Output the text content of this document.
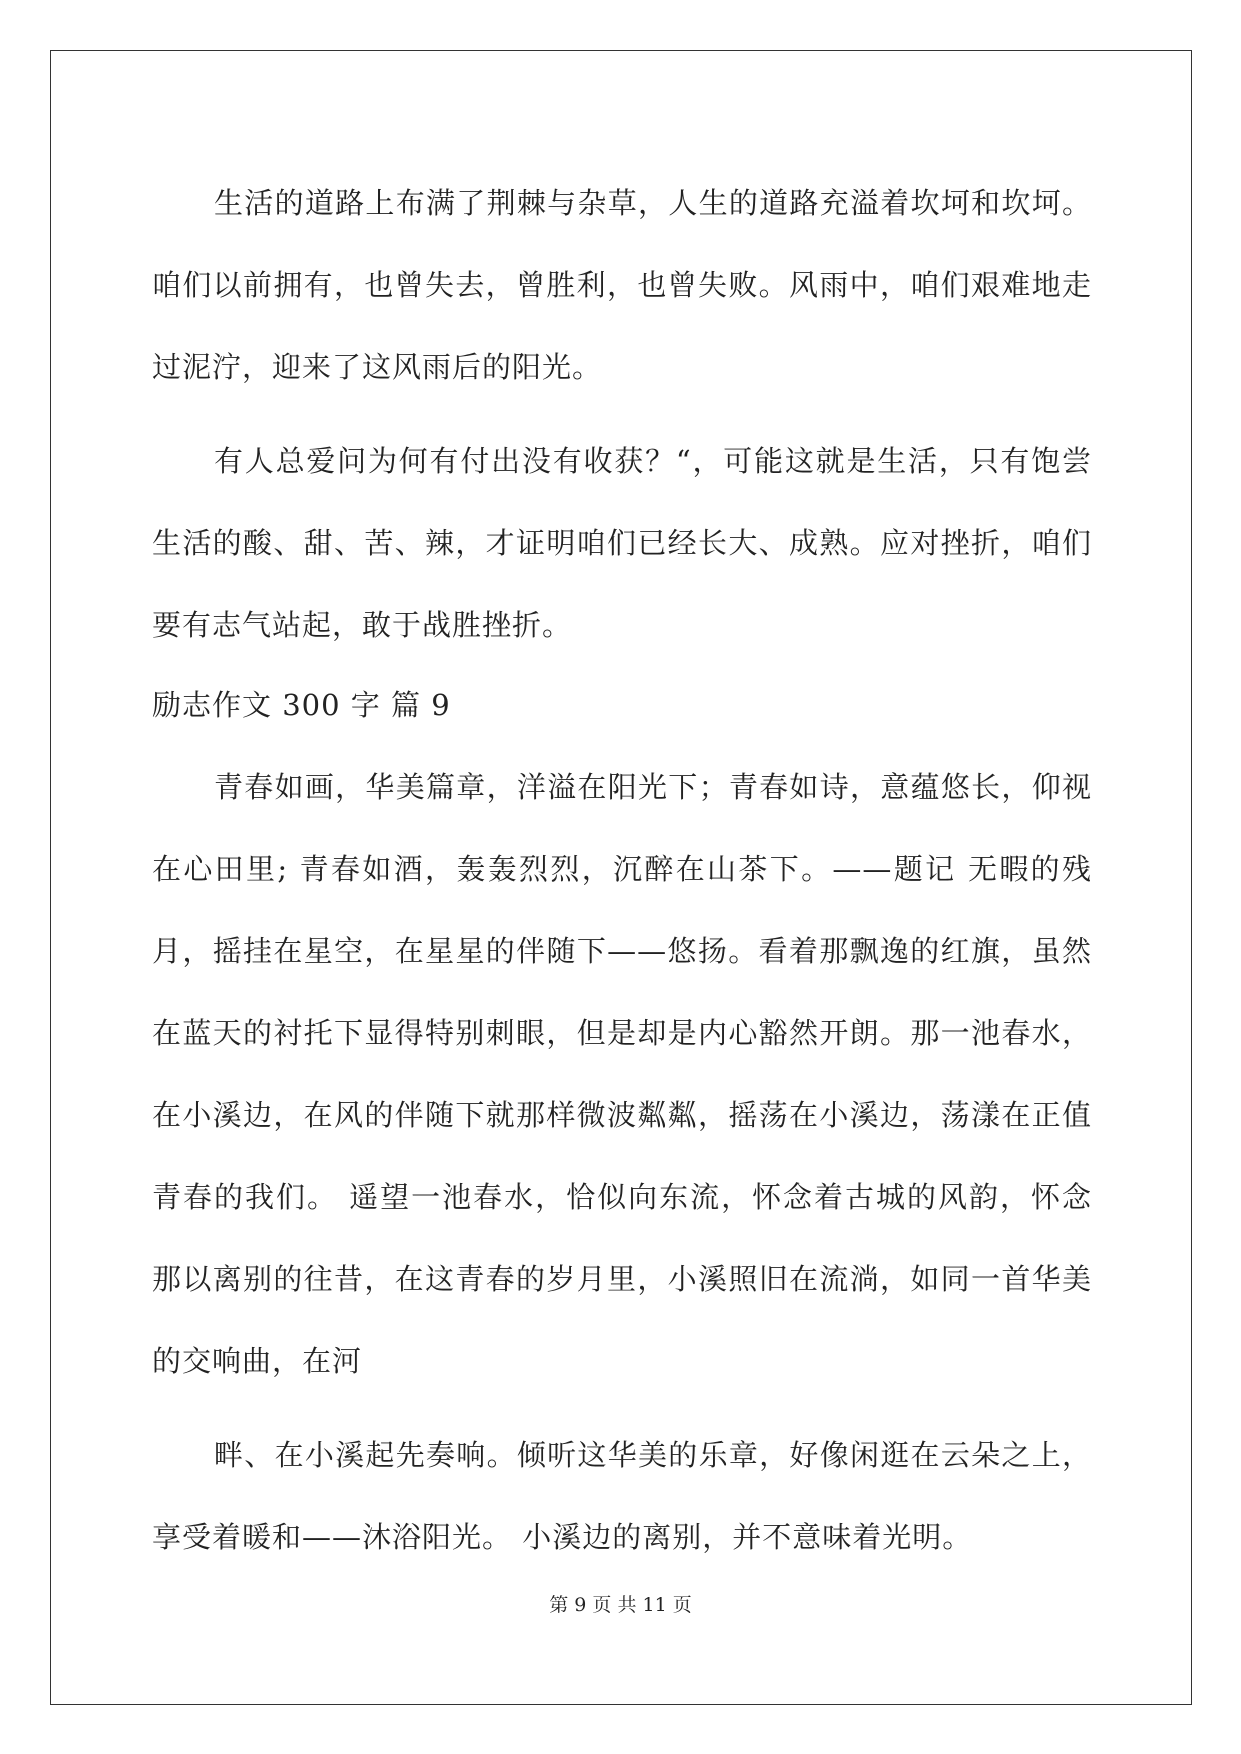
生活的道路上布满了荆棘与杂草，人生的道路充溢着坎坷和坎坷。咱们以前拥有，也曾失去，曾胜利，也曾失败。风雨中，咱们艰难地走过泥泞，迎来了这风雨后的阳光。

有人总爱问为何有付出没有收获？“，可能这就是生活，只有饱尝生活的酸、甜、苦、辣，才证明咱们已经长大、成熟。应对挫折，咱们要有志气站起，敢于战胜挫折。

励志作文 300 字 篇 9

青春如画，华美篇章，洋溢在阳光下；青春如诗，意蕴悠长，仰视在心田里; 青春如酒，轰轰烈烈，沉醉在山茶下。——题记 无暇的残月，摇挂在星空，在星星的伴随下——悠扬。看着那飘逸的红旗，虽然在蓝天的衬托下显得特别刺眼，但是却是内心豁然开朗。那一池春水，在小溪边，在风的伴随下就那样微波粼粼，摇荡在小溪边，荡漾在正值青春的我们。 遥望一池春水，恰似向东流，怀念着古城的风韵，怀念那以离别的往昔，在这青春的岁月里，小溪照旧在流淌，如同一首华美的交响曲，在河

畔、在小溪起先奏响。倾听这华美的乐章，好像闲逛在云朵之上，享受着暖和——沐浴阳光。 小溪边的离别，并不意味着光明。

第 9 页 共 11 页
